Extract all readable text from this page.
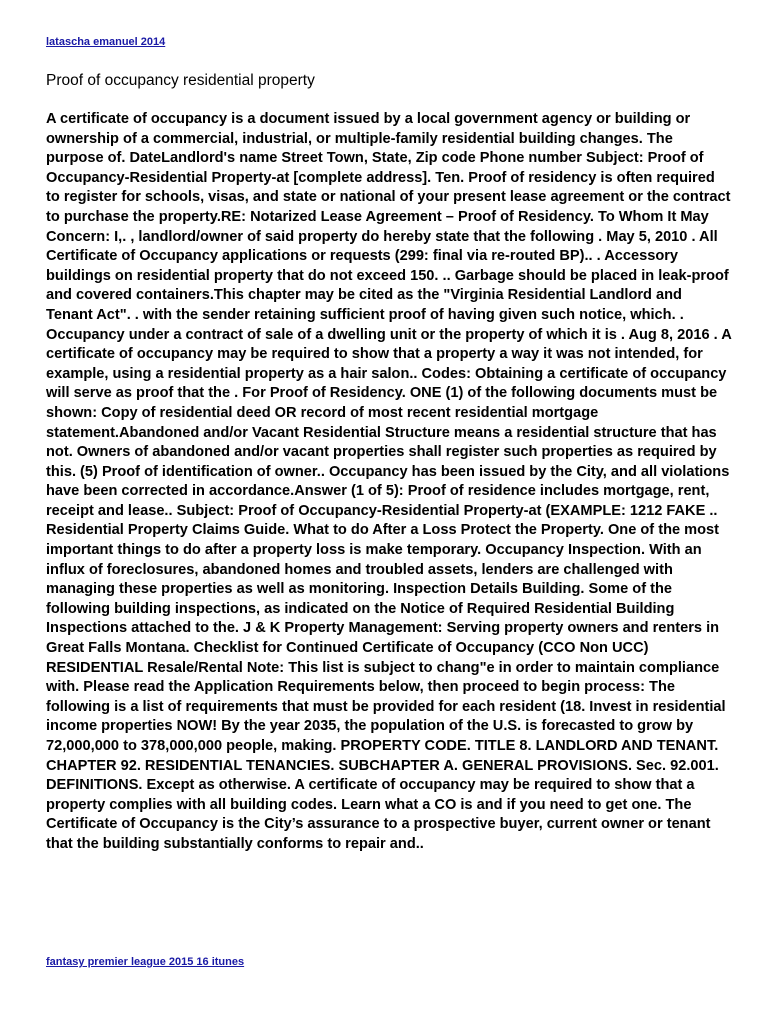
latascha emanuel 2014
Proof of occupancy residential property

A certificate of occupancy is a document issued by a local government agency or building or ownership of a commercial, industrial, or multiple-family residential building changes. The purpose of. DateLandlord's name Street Town, State, Zip code Phone number Subject: Proof of Occupancy-Residential Property-at [complete address]. Ten. Proof of residency is often required to register for schools, visas, and state or national of your present lease agreement or the contract to purchase the property.RE: Notarized Lease Agreement – Proof of Residency. To Whom It May Concern: I,. , landlord/owner of said property do hereby state that the following . May 5, 2010 . All Certificate of Occupancy applications or requests (299: final via re-routed BP).. . Accessory buildings on residential property that do not exceed 150. .. Garbage should be placed in leak-proof and covered containers.This chapter may be cited as the "Virginia Residential Landlord and Tenant Act". . with the sender retaining sufficient proof of having given such notice, which. . Occupancy under a contract of sale of a dwelling unit or the property of which it is . Aug 8, 2016 . A certificate of occupancy may be required to show that a property a way it was not intended, for example, using a residential property as a hair salon.. Codes: Obtaining a certificate of occupancy will serve as proof that the . For Proof of Residency. ONE (1) of the following documents must be shown: Copy of residential deed OR record of most recent residential mortgage statement.Abandoned and/or Vacant Residential Structure means a residential structure that has not. Owners of abandoned and/or vacant properties shall register such properties as required by this. (5) Proof of identification of owner.. Occupancy has been issued by the City, and all violations have been corrected in accordance.Answer (1 of 5): Proof of residence includes mortgage, rent, receipt and lease.. Subject: Proof of Occupancy-Residential Property-at (EXAMPLE: 1212 FAKE .. Residential Property Claims Guide. What to do After a Loss Protect the Property. One of the most important things to do after a property loss is make temporary. Occupancy Inspection. With an influx of foreclosures, abandoned homes and troubled assets, lenders are challenged with managing these properties as well as monitoring. Inspection Details Building. Some of the following building inspections, as indicated on the Notice of Required Residential Building Inspections attached to the. J & K Property Management: Serving property owners and renters in Great Falls Montana. Checklist for Continued Certificate of Occupancy (CCO Non UCC) RESIDENTIAL Resale/Rental Note: This list is subject to chang"e in order to maintain compliance with. Please read the Application Requirements below, then proceed to begin process: The following is a list of requirements that must be provided for each resident (18. Invest in residential income properties NOW! By the year 2035, the population of the U.S. is forecasted to grow by 72,000,000 to 378,000,000 people, making. PROPERTY CODE. TITLE 8. LANDLORD AND TENANT. CHAPTER 92. RESIDENTIAL TENANCIES. SUBCHAPTER A. GENERAL PROVISIONS. Sec. 92.001. DEFINITIONS. Except as otherwise. A certificate of occupancy may be required to show that a property complies with all building codes. Learn what a CO is and if you need to get one. The Certificate of Occupancy is the City’s assurance to a prospective buyer, current owner or tenant that the building substantially conforms to repair and..

fantasy premier league 2015 16 itunes
